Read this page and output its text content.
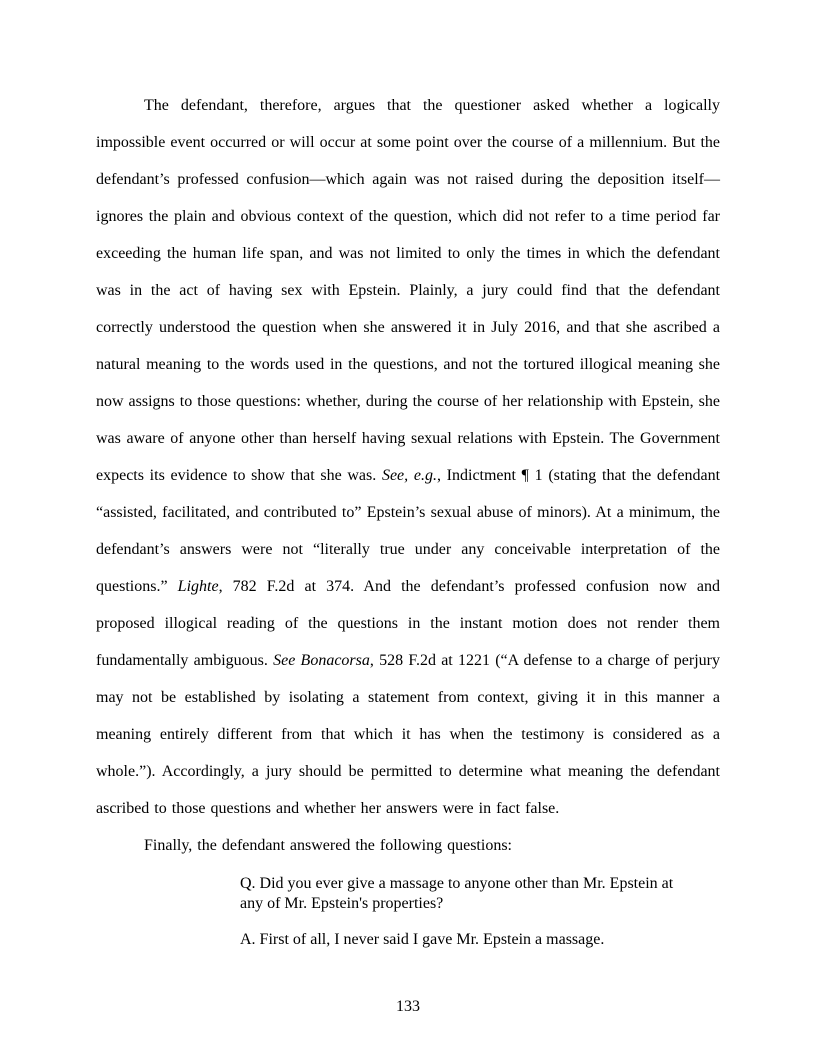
The defendant, therefore, argues that the questioner asked whether a logically impossible event occurred or will occur at some point over the course of a millennium. But the defendant’s professed confusion—which again was not raised during the deposition itself—ignores the plain and obvious context of the question, which did not refer to a time period far exceeding the human life span, and was not limited to only the times in which the defendant was in the act of having sex with Epstein. Plainly, a jury could find that the defendant correctly understood the question when she answered it in July 2016, and that she ascribed a natural meaning to the words used in the questions, and not the tortured illogical meaning she now assigns to those questions: whether, during the course of her relationship with Epstein, she was aware of anyone other than herself having sexual relations with Epstein. The Government expects its evidence to show that she was. See, e.g., Indictment ¶ 1 (stating that the defendant “assisted, facilitated, and contributed to” Epstein’s sexual abuse of minors). At a minimum, the defendant’s answers were not “literally true under any conceivable interpretation of the questions.” Lighte, 782 F.2d at 374. And the defendant’s professed confusion now and proposed illogical reading of the questions in the instant motion does not render them fundamentally ambiguous. See Bonacorsa, 528 F.2d at 1221 (“A defense to a charge of perjury may not be established by isolating a statement from context, giving it in this manner a meaning entirely different from that which it has when the testimony is considered as a whole.”). Accordingly, a jury should be permitted to determine what meaning the defendant ascribed to those questions and whether her answers were in fact false.

Finally, the defendant answered the following questions:

Q. Did you ever give a massage to anyone other than Mr. Epstein at
any of Mr. Epstein's properties?
A. First of all, I never said I gave Mr. Epstein a massage.
133
